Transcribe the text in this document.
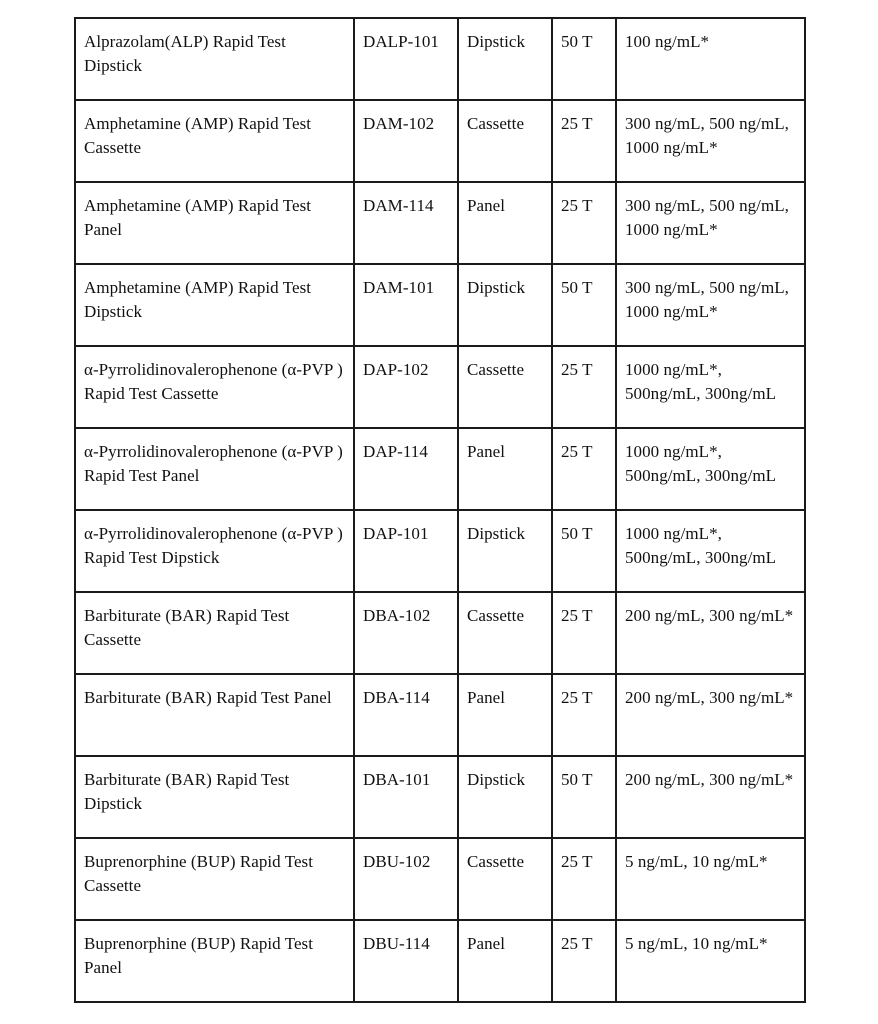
Alprazolam(ALP) Rapid Test Dipstick	DALP-101	Dipstick	50 T	100 ng/mL*
Amphetamine (AMP) Rapid Test Cassette	DAM-102	Cassette	25 T	300 ng/mL, 500 ng/mL, 1000 ng/mL*
Amphetamine (AMP) Rapid Test Panel	DAM-114	Panel	25 T	300 ng/mL, 500 ng/mL, 1000 ng/mL*
Amphetamine (AMP) Rapid Test Dipstick	DAM-101	Dipstick	50 T	300 ng/mL, 500 ng/mL, 1000 ng/mL*
α-Pyrrolidinovalerophenone (α-PVP ) Rapid Test Cassette	DAP-102	Cassette	25 T	1000 ng/mL*, 500ng/mL, 300ng/mL
α-Pyrrolidinovalerophenone (α-PVP ) Rapid Test Panel	DAP-114	Panel	25 T	1000 ng/mL*, 500ng/mL, 300ng/mL
α-Pyrrolidinovalerophenone (α-PVP ) Rapid Test Dipstick	DAP-101	Dipstick	50 T	1000 ng/mL*, 500ng/mL, 300ng/mL
Barbiturate (BAR) Rapid Test Cassette	DBA-102	Cassette	25 T	200 ng/mL, 300 ng/mL*
Barbiturate (BAR) Rapid Test Panel	DBA-114	Panel	25 T	200 ng/mL, 300 ng/mL*
Barbiturate (BAR) Rapid Test Dipstick	DBA-101	Dipstick	50 T	200 ng/mL, 300 ng/mL*
Buprenorphine (BUP) Rapid Test Cassette	DBU-102	Cassette	25 T	5 ng/mL, 10 ng/mL*
Buprenorphine (BUP) Rapid Test Panel	DBU-114	Panel	25 T	5 ng/mL, 10 ng/mL*
